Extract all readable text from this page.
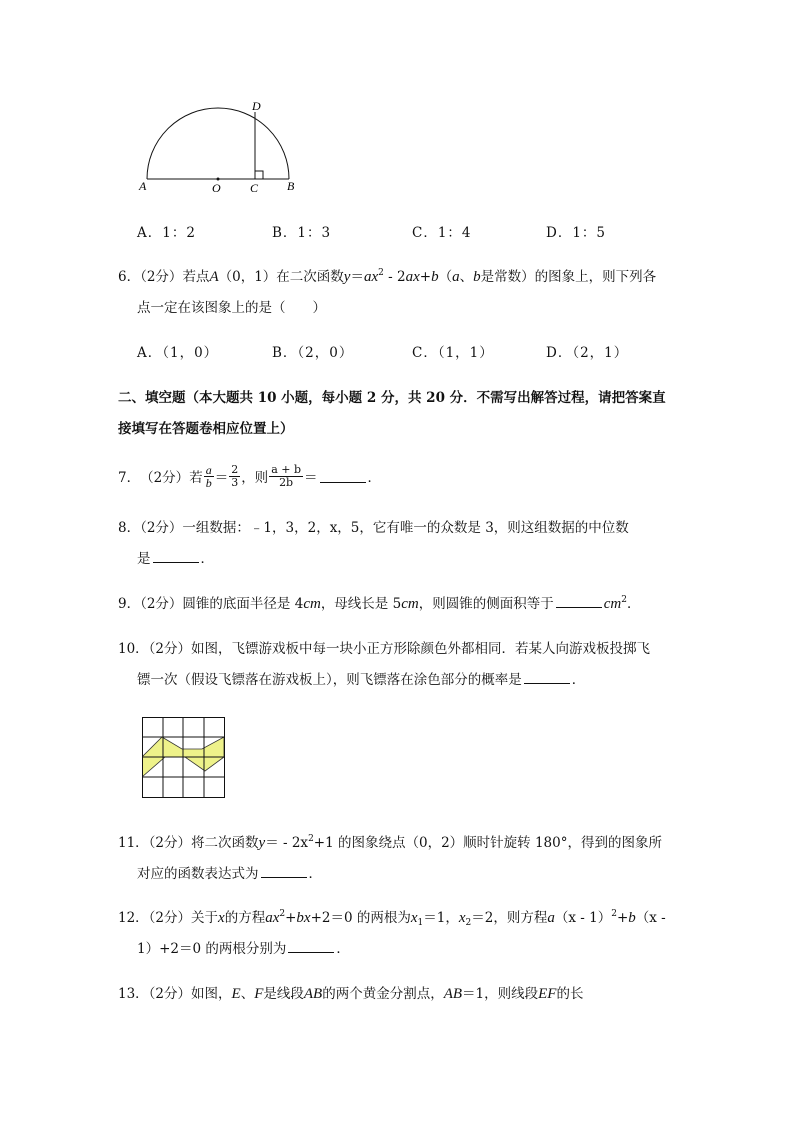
A	O C B
D
A．1：2	B．1：3	C．1：4	D．1：5
6．（2分）若点A（0，1）在二次函数$y=ax^2 - 2ax+b(a$、b是常数）的图象上，则下列各
点一定在该图象上的是（　　）
A．（1，0）	B．（2，0）	C．（1，1）	D．（2，1）
二、填空题（本大题共 10 小题，每小题 2 分，共 20 分．不需写出解答过程，请把答案直
接填写在答题卷相应位置上）
7． （2分） 若 $\frac{a}{b} = \frac{2}{3}$ ，则 $\frac{a + b}{2b}$ ＝	．
8．（2分）一组数据：﹣1，3，2，x，5，它有唯一的众数是 3，则这组数据的中位数
是	．
9．（2分）圆锥的底面半径是 4cm，母线长是 5cm，则圆锥的侧面积等于	$cm^2$．
10．（2分）如图，飞镖游戏板中每一块小正方形除颜色外都相同．若某人向游戏板投掷飞
镖一次（假设飞镖落在游戏板上），则飞镖落在涂色部分的概率是	．
11．（2分）将二次函数$y= - 2x^2+1$ 的图象绕点（0，2）顺时针旋转 180°，得到的图象所
对应的函数表达式为	．
12．（2分）关于x的方程$ax^2+bx+2=0$ 的两根为$x_1=1$，$x_2=2$，则方程a（x - 1）$^2$+b（x -
1）+2＝0 的两根分别为	．
13．（2分）如图，E、F是线段AB的两个黄金分割点，AB＝1，则线段EF的长
